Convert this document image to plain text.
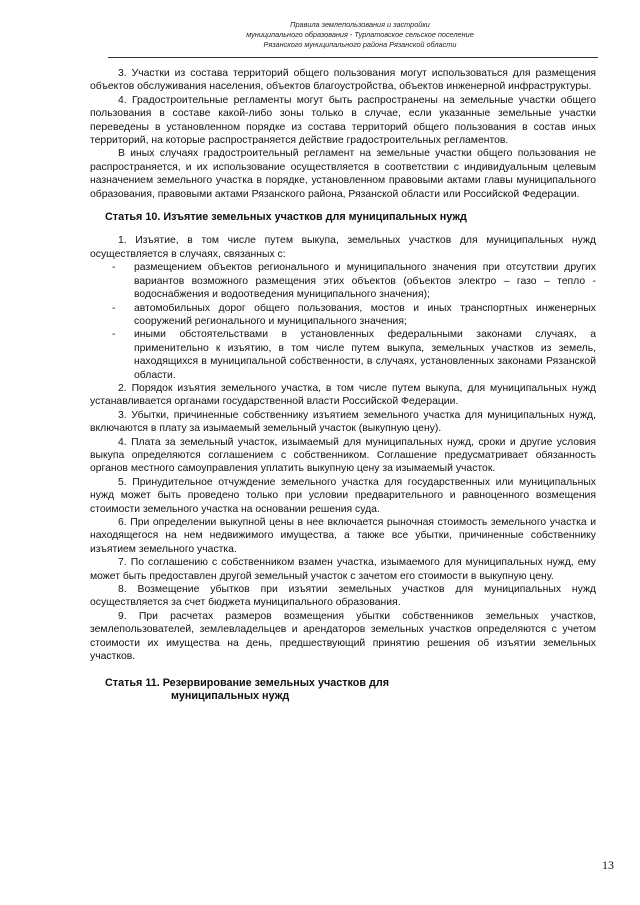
Правила землепользования и застройки
муниципального образования - Турлатовское сельское поселение
Рязанского муниципального района Рязанской области

3. Участки из состава территорий общего пользования могут использоваться для размещения объектов обслуживания населения, объектов благоустройства, объектов инженерной инфраструктуры.

4. Градостроительные регламенты могут быть распространены на земельные участки общего пользования в составе какой-либо зоны только в случае, если указанные земельные участки переведены в установленном порядке из состава территорий общего пользования в состав иных территорий, на которые распространяется действие градостроительных регламентов.

В иных случаях градостроительный регламент на земельные участки общего пользования не распространяется, и их использование осуществляется в соответствии с индивидуальным целевым назначением земельного участка в порядке, установленном правовыми актами главы муниципального образования, правовыми актами Рязанского района, Рязанской области или Российской Федерации.

Статья 10. Изъятие земельных участков для муниципальных нужд

1. Изъятие, в том числе путем выкупа, земельных участков для муниципальных нужд осуществляется в случаях, связанных с:

- размещением объектов регионального и муниципального значения при отсутствии других вариантов возможного размещения этих объектов (объектов электро – газо – тепло - водоснабжения и водоотведения муниципального значения);
- автомобильных дорог общего пользования, мостов и иных транспортных инженерных сооружений регионального и муниципального значения;
- иными обстоятельствами в установленных федеральными законами случаях, а применительно к изъятию, в том числе путем выкупа, земельных участков из земель, находящихся в муниципальной собственности, в случаях, установленных законами Рязанской области.

2. Порядок изъятия земельного участка, в том числе путем выкупа, для муниципальных нужд устанавливается органами государственной власти Российской Федерации.

3. Убытки, причиненные собственнику изъятием земельного участка для муниципальных нужд, включаются в плату за изымаемый земельный участок (выкупную цену).

4. Плата за земельный участок, изымаемый для муниципальных нужд, сроки и другие условия выкупа определяются соглашением с собственником. Соглашение предусматривает обязанность органов местного самоуправления уплатить выкупную цену за изымаемый участок.

5. Принудительное отчуждение земельного участка для государственных или муниципальных нужд может быть проведено только при условии предварительного и равноценного возмещения стоимости земельного участка на основании решения суда.

6. При определении выкупной цены в нее включается рыночная стоимость земельного участка и находящегося на нем недвижимого имущества, а также все убытки, причиненные собственнику изъятием земельного участка.

7. По соглашению с собственником взамен участка, изымаемого для муниципальных нужд, ему может быть предоставлен другой земельный участок с зачетом его стоимости в выкупную цену.

8. Возмещение убытков при изъятии земельных участков для муниципальных нужд осуществляется за счет бюджета муниципального образования.

9. При расчетах размеров возмещения убытки собственников земельных участков, землепользователей, землевладельцев и арендаторов земельных участков определяются с учетом стоимости их имущества на день, предшествующий принятию решения об изъятии земельных участков.

Статья 11. Резервирование земельных участков для
муниципальных нужд
13
